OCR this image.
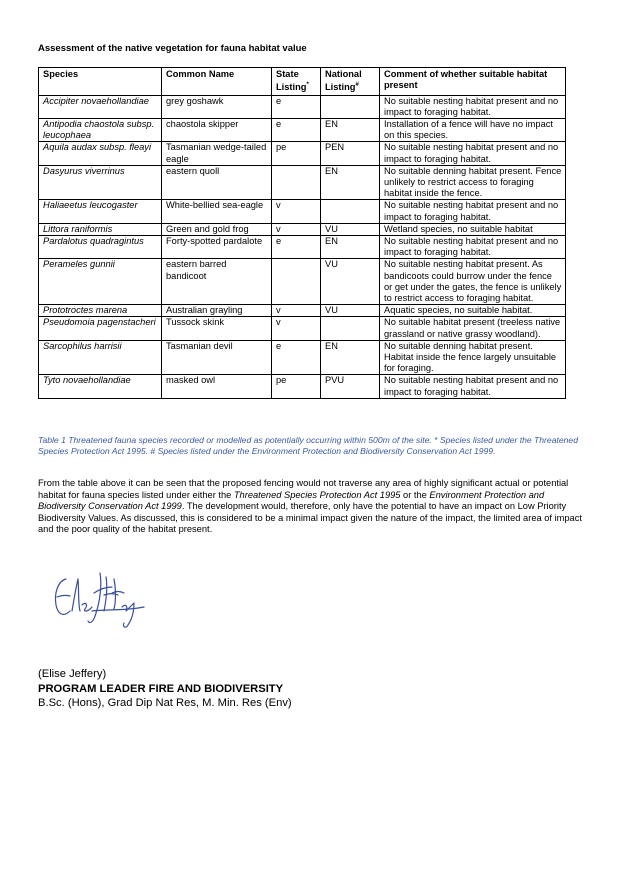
Assessment of the native vegetation for fauna habitat value
Species	Common Name	State Listing*	National Listing#	Comment of whether suitable habitat present
Accipiter novaehollandiae	grey goshawk	e		No suitable nesting habitat present and no impact to foraging habitat.
Antipodia chaostola subsp. leucophaea	chaostola skipper	e	EN	Installation of a fence will have no impact on this species.
Aquila audax subsp. fleayi	Tasmanian wedge-tailed eagle	pe	PEN	No suitable nesting habitat present and no impact to foraging habitat.
Dasyurus viverrinus	eastern quoll		EN	No suitable denning habitat present. Fence unlikely to restrict access to foraging habitat inside the fence.
Haliaeetus leucogaster	White-bellied sea-eagle	v		No suitable nesting habitat present and no impact to foraging habitat.
Littora raniformis	Green and gold frog	v	VU	Wetland species, no suitable habitat
Pardalotus quadragintus	Forty-spotted pardalote	e	EN	No suitable nesting habitat present and no impact to foraging habitat.
Perameles gunnii	eastern barred bandicoot		VU	No suitable nesting habitat present. As bandicoots could burrow under the fence or get under the gates, the fence is unlikely to restrict access to foraging habitat.
Prototroctes marena	Australian grayling	v	VU	Aquatic species, no suitable habitat.
Pseudomoia pagenstacheri	Tussock skink	v		No suitable habitat present (treeless native grassland or native grassy woodland).
Sarcophilus harrisii	Tasmanian devil	e	EN	No suitable denning habitat present. Habitat inside the fence largely unsuitable for foraging.
Tyto novaehollandiae	masked owl	pe	PVU	No suitable nesting habitat present and no impact to foraging habitat.
Table 1 Threatened fauna species recorded or modelled as potentially occurring within 500m of the site. * Species listed under the Threatened Species Protection Act 1995. # Species listed under the Environment Protection and Biodiversity Conservation Act 1999.
From the table above it can be seen that the proposed fencing would not traverse any area of highly significant actual or potential habitat for fauna species listed under either the Threatened Species Protection Act 1995 or the Environment Protection and Biodiversity Conservation Act 1999. The development would, therefore, only have the potential to have an impact on Low Priority Biodiversity Values. As discussed, this is considered to be a minimal impact given the nature of the impact, the limited area of impact and the poor quality of the habitat present.
(Elise Jeffery)
PROGRAM LEADER FIRE AND BIODIVERSITY
B.Sc. (Hons), Grad Dip Nat Res, M. Min. Res (Env)
